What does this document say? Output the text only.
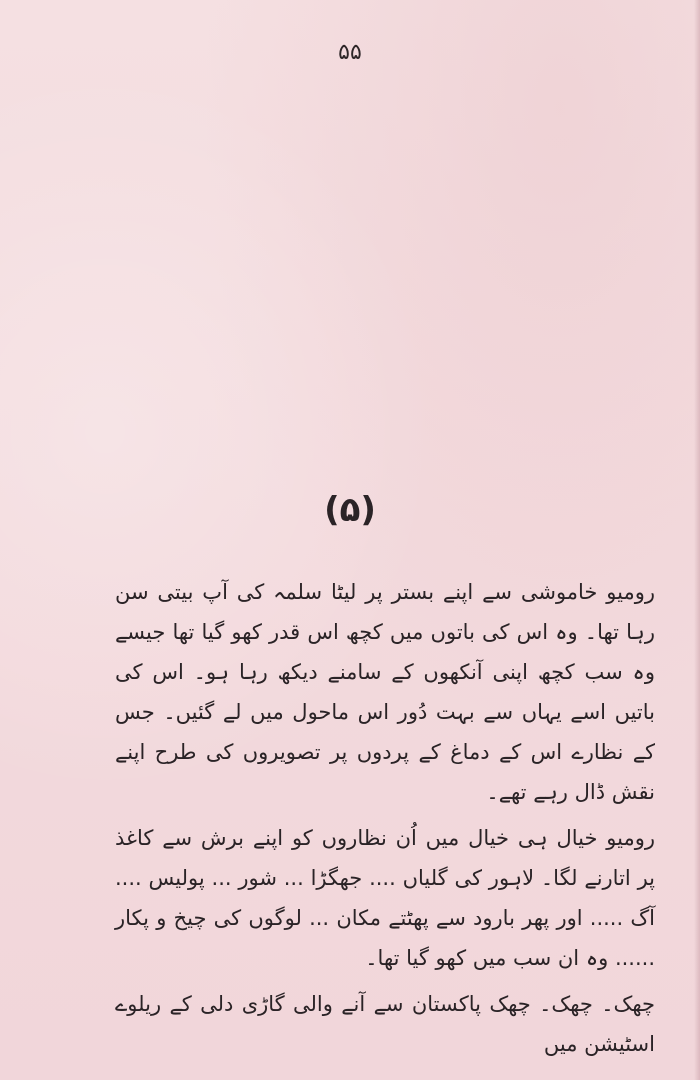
۵۵
(۵)

رومیو خاموشی سے اپنے بستر پر لیٹا سلمہ کی آپ بیتی سن رہا تھا۔ وہ اس کی باتوں میں کچھ اس قدر کھو گیا تھا جیسے وہ سب کچھ اپنی آنکھوں کے سامنے دیکھ رہا ہو۔ اس کی باتیں اسے یہاں سے بہت دُور اس ماحول میں لے گئیں۔ جس کے نظارے اس کے دماغ کے پردوں پر تصویروں کی طرح اپنے نقش ڈال رہے تھے۔

رومیو خیال ہی خیال میں اُن نظاروں کو اپنے برش سے کاغذ پر اتارنے لگا۔ لاہور کی گلیاں .... جھگڑا ... شور ... پولیس .... آگ ..... اور پھر بارود سے پھٹتے مکان ... لوگوں کی چیخ و پکار ...... وہ ان سب میں کھو گیا تھا۔

چھک۔ چھک۔ چھک پاکستان سے آنے والی گاڑی دلی کے ریلوے اسٹیشن میں
